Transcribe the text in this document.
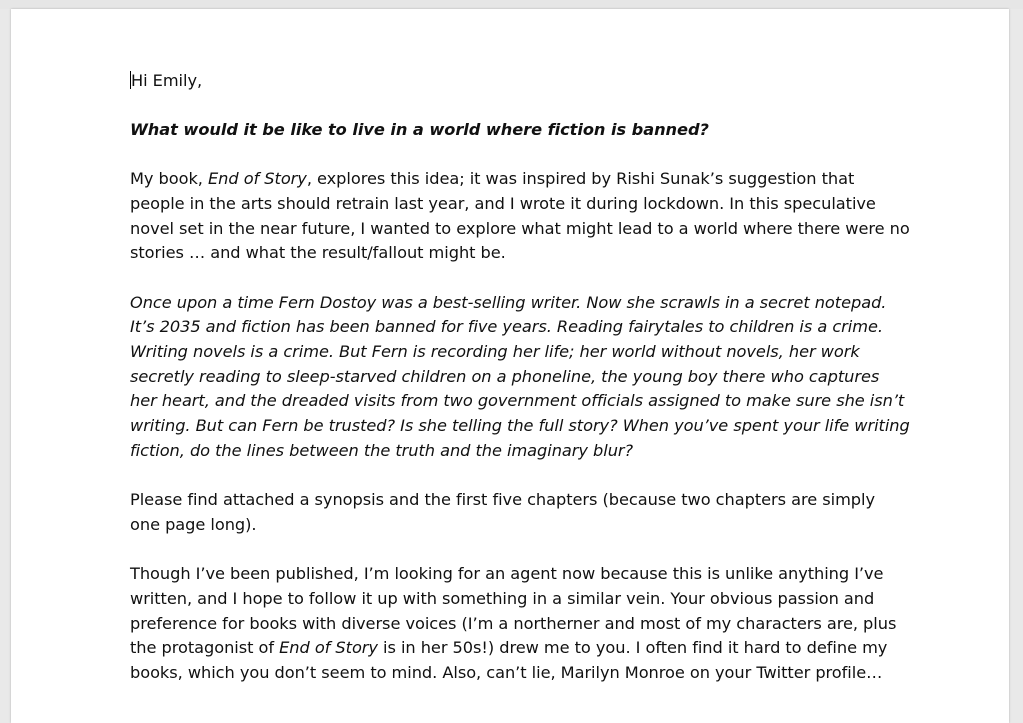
Hi Emily,

What would it be like to live in a world where fiction is banned?

My book, End of Story, explores this idea; it was inspired by Rishi Sunak’s suggestion that people in the arts should retrain last year, and I wrote it during lockdown. In this speculative novel set in the near future, I wanted to explore what might lead to a world where there were no stories … and what the result/fallout might be.

Once upon a time Fern Dostoy was a best-selling writer. Now she scrawls in a secret notepad. It’s 2035 and fiction has been banned for five years. Reading fairytales to children is a crime. Writing novels is a crime. But Fern is recording her life; her world without novels, her work secretly reading to sleep-starved children on a phoneline, the young boy there who captures her heart, and the dreaded visits from two government officials assigned to make sure she isn’t writing. But can Fern be trusted? Is she telling the full story? When you’ve spent your life writing fiction, do the lines between the truth and the imaginary blur?

Please find attached a synopsis and the first five chapters (because two chapters are simply one page long).

Though I’ve been published, I’m looking for an agent now because this is unlike anything I’ve written, and I hope to follow it up with something in a similar vein. Your obvious passion and preference for books with diverse voices (I’m a northerner and most of my characters are, plus the protagonist of End of Story is in her 50s!) drew me to you. I often find it hard to define my books, which you don’t seem to mind. Also, can’t lie, Marilyn Monroe on your Twitter profile…
